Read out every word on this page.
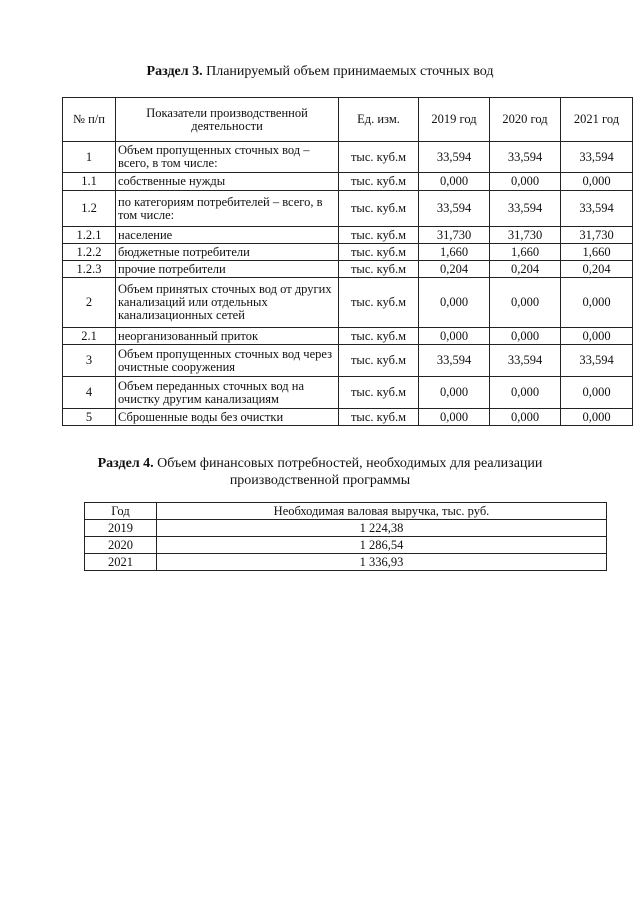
Раздел 3. Планируемый объем принимаемых сточных вод
№ п/п	Показатели производственной деятельности	Ед. изм.	2019 год	2020 год	2021 год
1	Объем пропущенных сточных вод – всего, в том числе:	тыс. куб.м	33,594	33,594	33,594
1.1	собственные нужды	тыс. куб.м	0,000	0,000	0,000
1.2	по категориям потребителей – всего, в том числе:	тыс. куб.м	33,594	33,594	33,594
1.2.1	население	тыс. куб.м	31,730	31,730	31,730
1.2.2	бюджетные потребители	тыс. куб.м	1,660	1,660	1,660
1.2.3	прочие потребители	тыс. куб.м	0,204	0,204	0,204
2	Объем принятых сточных вод от других канализаций или отдельных канализационных сетей	тыс. куб.м	0,000	0,000	0,000
2.1	неорганизованный приток	тыс. куб.м	0,000	0,000	0,000
3	Объем пропущенных сточных вод через очистные сооружения	тыс. куб.м	33,594	33,594	33,594
4	Объем переданных сточных вод на очистку другим канализациям	тыс. куб.м	0,000	0,000	0,000
5	Сброшенные воды без очистки	тыс. куб.м	0,000	0,000	0,000
Раздел 4. Объем финансовых потребностей, необходимых для реализации
производственной программы
Год	Необходимая валовая выручка, тыс. руб.
2019	1 224,38
2020	1 286,54
2021	1 336,93
